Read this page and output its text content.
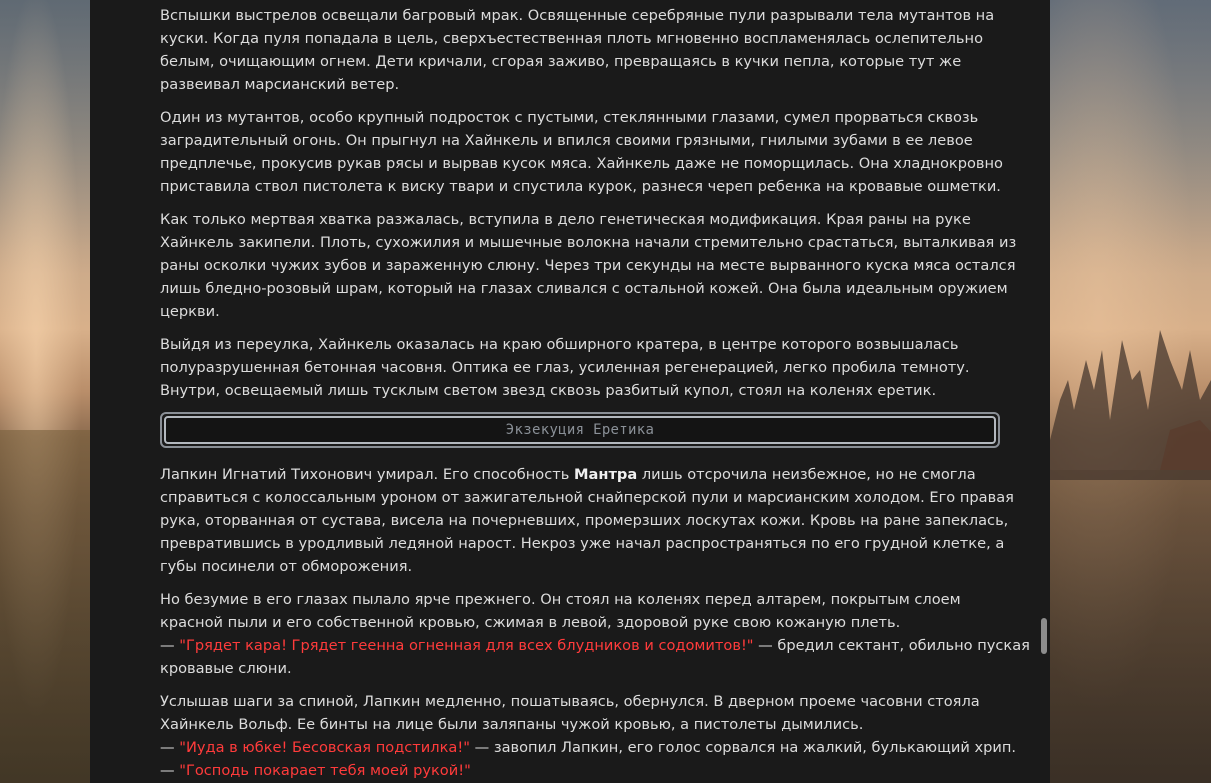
Вспышки выстрелов освещали багровый мрак. Освященные серебряные пули разрывали тела мутантов на
куски. Когда пуля попадала в цель, сверхъестественная плоть мгновенно воспламенялась ослепительно
белым, очищающим огнем. Дети кричали, сгорая заживо, превращаясь в кучки пепла, которые тут же
развеивал марсианский ветер.

Один из мутантов, особо крупный подросток с пустыми, стеклянными глазами, сумел прорваться сквозь
заградительный огонь. Он прыгнул на Хайнкель и впился своими грязными, гнилыми зубами в ее левое
предплечье, прокусив рукав рясы и вырвав кусок мяса. Хайнкель даже не поморщилась. Она хладнокровно
приставила ствол пистолета к виску твари и спустила курок, разнеся череп ребенка на кровавые ошметки.

Как только мертвая хватка разжалась, вступила в дело генетическая модификация. Края раны на руке
Хайнкель закипели. Плоть, сухожилия и мышечные волокна начали стремительно срастаться, выталкивая из
раны осколки чужих зубов и зараженную слюну. Через три секунды на месте вырванного куска мяса остался
лишь бледно-розовый шрам, который на глазах сливался с остальной кожей. Она была идеальным оружием
церкви.

Выйдя из переулка, Хайнкель оказалась на краю обширного кратера, в центре которого возвышалась
полуразрушенная бетонная часовня. Оптика ее глаз, усиленная регенерацией, легко пробила темноту.
Внутри, освещаемый лишь тусклым светом звезд сквозь разбитый купол, стоял на коленях еретик.

Экзекуция Еретика

Лапкин Игнатий Тихонович умирал. Его способность Мантра лишь отсрочила неизбежное, но не смогла
справиться с колоссальным уроном от зажигательной снайперской пули и марсианским холодом. Его правая
рука, оторванная от сустава, висела на почерневших, промерзших лоскутах кожи. Кровь на ране запеклась,
превратившись в уродливый ледяной нарост. Некроз уже начал распространяться по его грудной клетке, а
губы посинели от обморожения.

Но безумие в его глазах пылало ярче прежнего. Он стоял на коленях перед алтарем, покрытым слоем
красной пыли и его собственной кровью, сжимая в левой, здоровой руке свою кожаную плеть.
— "Грядет кара! Грядет геенна огненная для всех блудников и содомитов!" — бредил сектант, обильно пуская
кровавые слюни.

Услышав шаги за спиной, Лапкин медленно, пошатываясь, обернулся. В дверном проеме часовни стояла
Хайнкель Вольф. Ее бинты на лице были заляпаны чужой кровью, а пистолеты дымились.
— "Иуда в юбке! Бесовская подстилка!" — завопил Лапкин, его голос сорвался на жалкий, булькающий хрип.
— "Господь покарает тебя моей рукой!"
